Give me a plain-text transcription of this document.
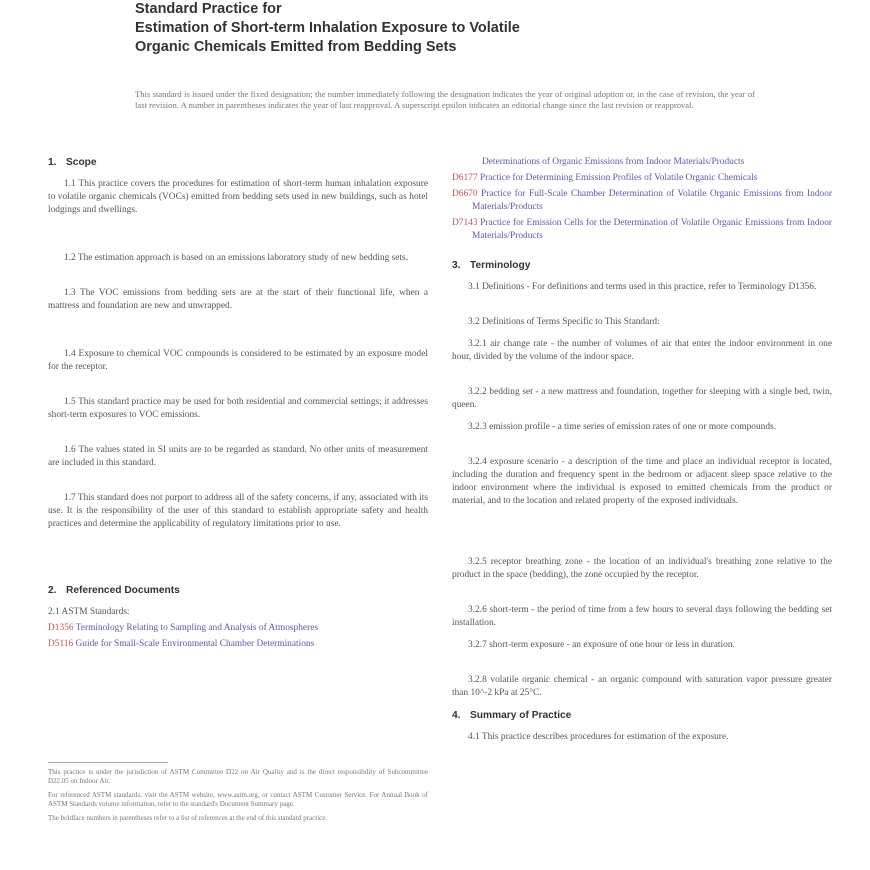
Standard Practice for
Estimation of Short-term Inhalation Exposure to Volatile
Organic Chemicals Emitted from Bedding Sets
This standard is issued under the fixed designation; the number immediately following the designation indicates the year of original adoption or, in the case of revision, the year of last revision. A number in parentheses indicates the year of last reapproval. A superscript epsilon indicates an editorial change since the last revision or reapproval.
1. Scope
1.1 This practice covers the procedures for estimation of short-term human inhalation exposure to volatile organic chemicals (VOCs) emitted from bedding sets used in new buildings, such as hotel lodgings and dwellings.
1.2 The estimation approach is based on an emissions laboratory study of new bedding sets.
1.3 The VOC emissions from bedding sets are at the start of their functional life, when a mattress and foundation are new and unwrapped.
1.4 Exposure to chemical VOC compounds is considered to be estimated by an exposure model for the receptor.
1.5 This standard practice may be used for both residential and commercial settings; it addresses short-term exposures to VOC emissions.
1.6 The values stated in SI units are to be regarded as standard. No other units of measurement are included in this standard.
1.7 This standard does not purport to address all of the safety concerns, if any, associated with its use. It is the responsibility of the user of this standard to establish appropriate safety and health practices and determine the applicability of regulatory limitations prior to use.
2. Referenced Documents
2.1 ASTM Standards:
D1356 Terminology Relating to Sampling and Analysis of Atmospheres
D5116 Guide for Small-Scale Environmental Chamber Determinations
This practice is under the jurisdiction of ASTM Committee D22 on Air Quality and is the direct responsibility of Subcommittee D22.05 on Indoor Air.
For referenced ASTM standards, visit the ASTM website, www.astm.org, or contact ASTM Customer Service. For Annual Book of ASTM Standards volume information, refer to the standard's Document Summary page.
The boldface numbers in parentheses refer to a list of references at the end of this standard practice.
Determinations of Organic Emissions from Indoor Materials/Products
D6177 Practice for Determining Emission Profiles of Volatile Organic Chemicals
D6670 Practice for Full-Scale Chamber Determination of Volatile Organic Emissions from Indoor Materials/Products
D7143 Practice for Emission Cells for the Determination of Volatile Organic Emissions from Indoor Materials/Products
3. Terminology
3.1 Definitions - For definitions and terms used in this practice, refer to Terminology D1356.
3.2 Definitions of Terms Specific to This Standard:
3.2.1 air change rate - the number of volumes of air that enter the indoor environment in one hour, divided by the volume of the indoor space.
3.2.2 bedding set - a new mattress and foundation, together for sleeping with a single bed, twin, queen.
3.2.3 emission profile - a time series of emission rates of one or more compounds.
3.2.4 exposure scenario - a description of the time and place an individual receptor is located, including the duration and frequency spent in the bedroom or adjacent sleep space relative to the indoor environment where the individual is exposed to emitted chemicals from the product or material, and to the location and related property of the exposed individuals.
3.2.5 receptor breathing zone - the location of an individual's breathing zone relative to the product in the space (bedding), the zone occupied by the receptor.
3.2.6 short-term - the period of time from a few hours to several days following the bedding set installation.
3.2.7 short-term exposure - an exposure of one hour or less in duration.
3.2.8 volatile organic chemical - an organic compound with saturation vapor pressure greater than 10^-2 kPa at 25°C.
4. Summary of Practice
4.1 This practice describes procedures for estimation of the exposure.
